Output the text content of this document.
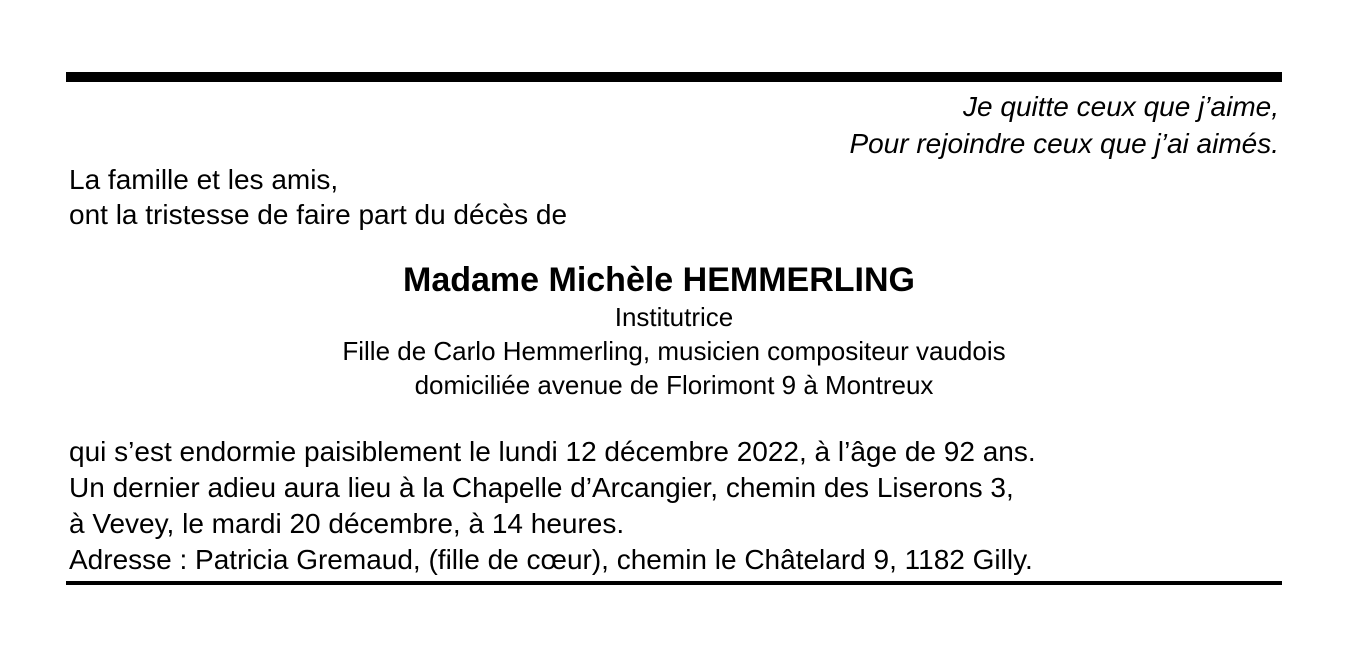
Je quitte ceux que j’aime,
Pour rejoindre ceux que j’ai aimés.
La famille et les amis,
ont la tristesse de faire part du décès de
Madame Michèle HEMMERLING
Institutrice
Fille de Carlo Hemmerling, musicien compositeur vaudois
domiciliée avenue de Florimont 9 à Montreux
qui s’est endormie paisiblement le lundi 12 décembre 2022, à l’âge de 92 ans.
Un dernier adieu aura lieu à la Chapelle d’Arcangier, chemin des Liserons 3,
à Vevey, le mardi 20 décembre, à 14 heures.
Adresse : Patricia Gremaud, (fille de cœur), chemin le Châtelard 9, 1182 Gilly.
